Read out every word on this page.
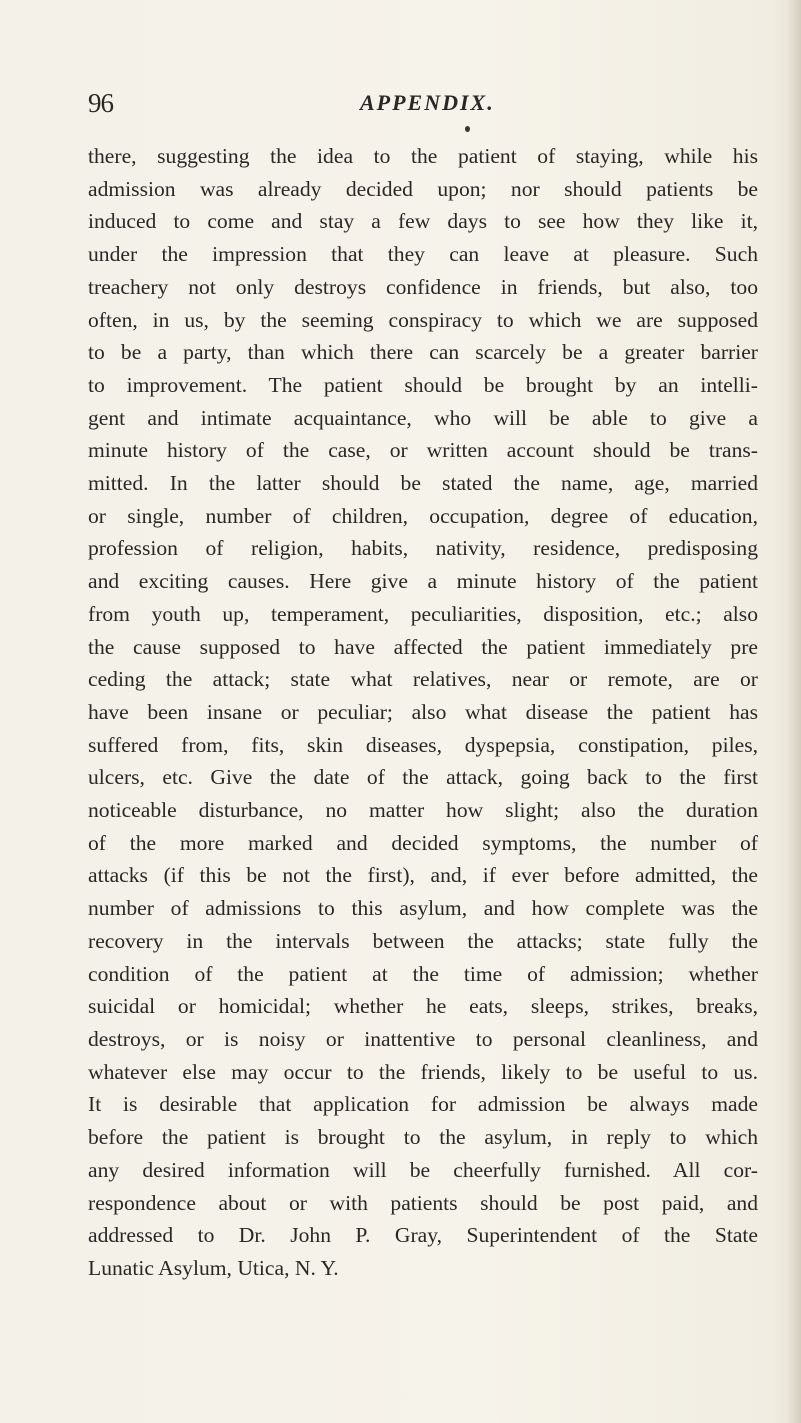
96	APPENDIX.
there, suggesting the idea to the patient of staying, while his
admission was already decided upon; nor should patients be
induced to come and stay a few days to see how they like it,
under the impression that they can leave at pleasure. Such
treachery not only destroys confidence in friends, but also, too
often, in us, by the seeming conspiracy to which we are supposed
to be a party, than which there can scarcely be a greater barrier
to improvement. The patient should be brought by an intelli-
gent and intimate acquaintance, who will be able to give a
minute history of the case, or written account should be trans-
mitted. In the latter should be stated the name, age, married
or single, number of children, occupation, degree of education,
profession of religion, habits, nativity, residence, predisposing
and exciting causes. Here give a minute history of the patient
from youth up, temperament, peculiarities, disposition, etc.; also
the cause supposed to have affected the patient immediately pre
ceding the attack; state what relatives, near or remote, are or
have been insane or peculiar; also what disease the patient has
suffered from, fits, skin diseases, dyspepsia, constipation, piles,
ulcers, etc. Give the date of the attack, going back to the first
noticeable disturbance, no matter how slight; also the duration
of the more marked and decided symptoms, the number of
attacks (if this be not the first), and, if ever before admitted, the
number of admissions to this asylum, and how complete was the
recovery in the intervals between the attacks; state fully the
condition of the patient at the time of admission; whether
suicidal or homicidal; whether he eats, sleeps, strikes, breaks,
destroys, or is noisy or inattentive to personal cleanliness, and
whatever else may occur to the friends, likely to be useful to us.
It is desirable that application for admission be always made
before the patient is brought to the asylum, in reply to which
any desired information will be cheerfully furnished. All cor-
respondence about or with patients should be post paid, and
addressed to Dr. John P. Gray, Superintendent of the State
Lunatic Asylum, Utica, N. Y.
